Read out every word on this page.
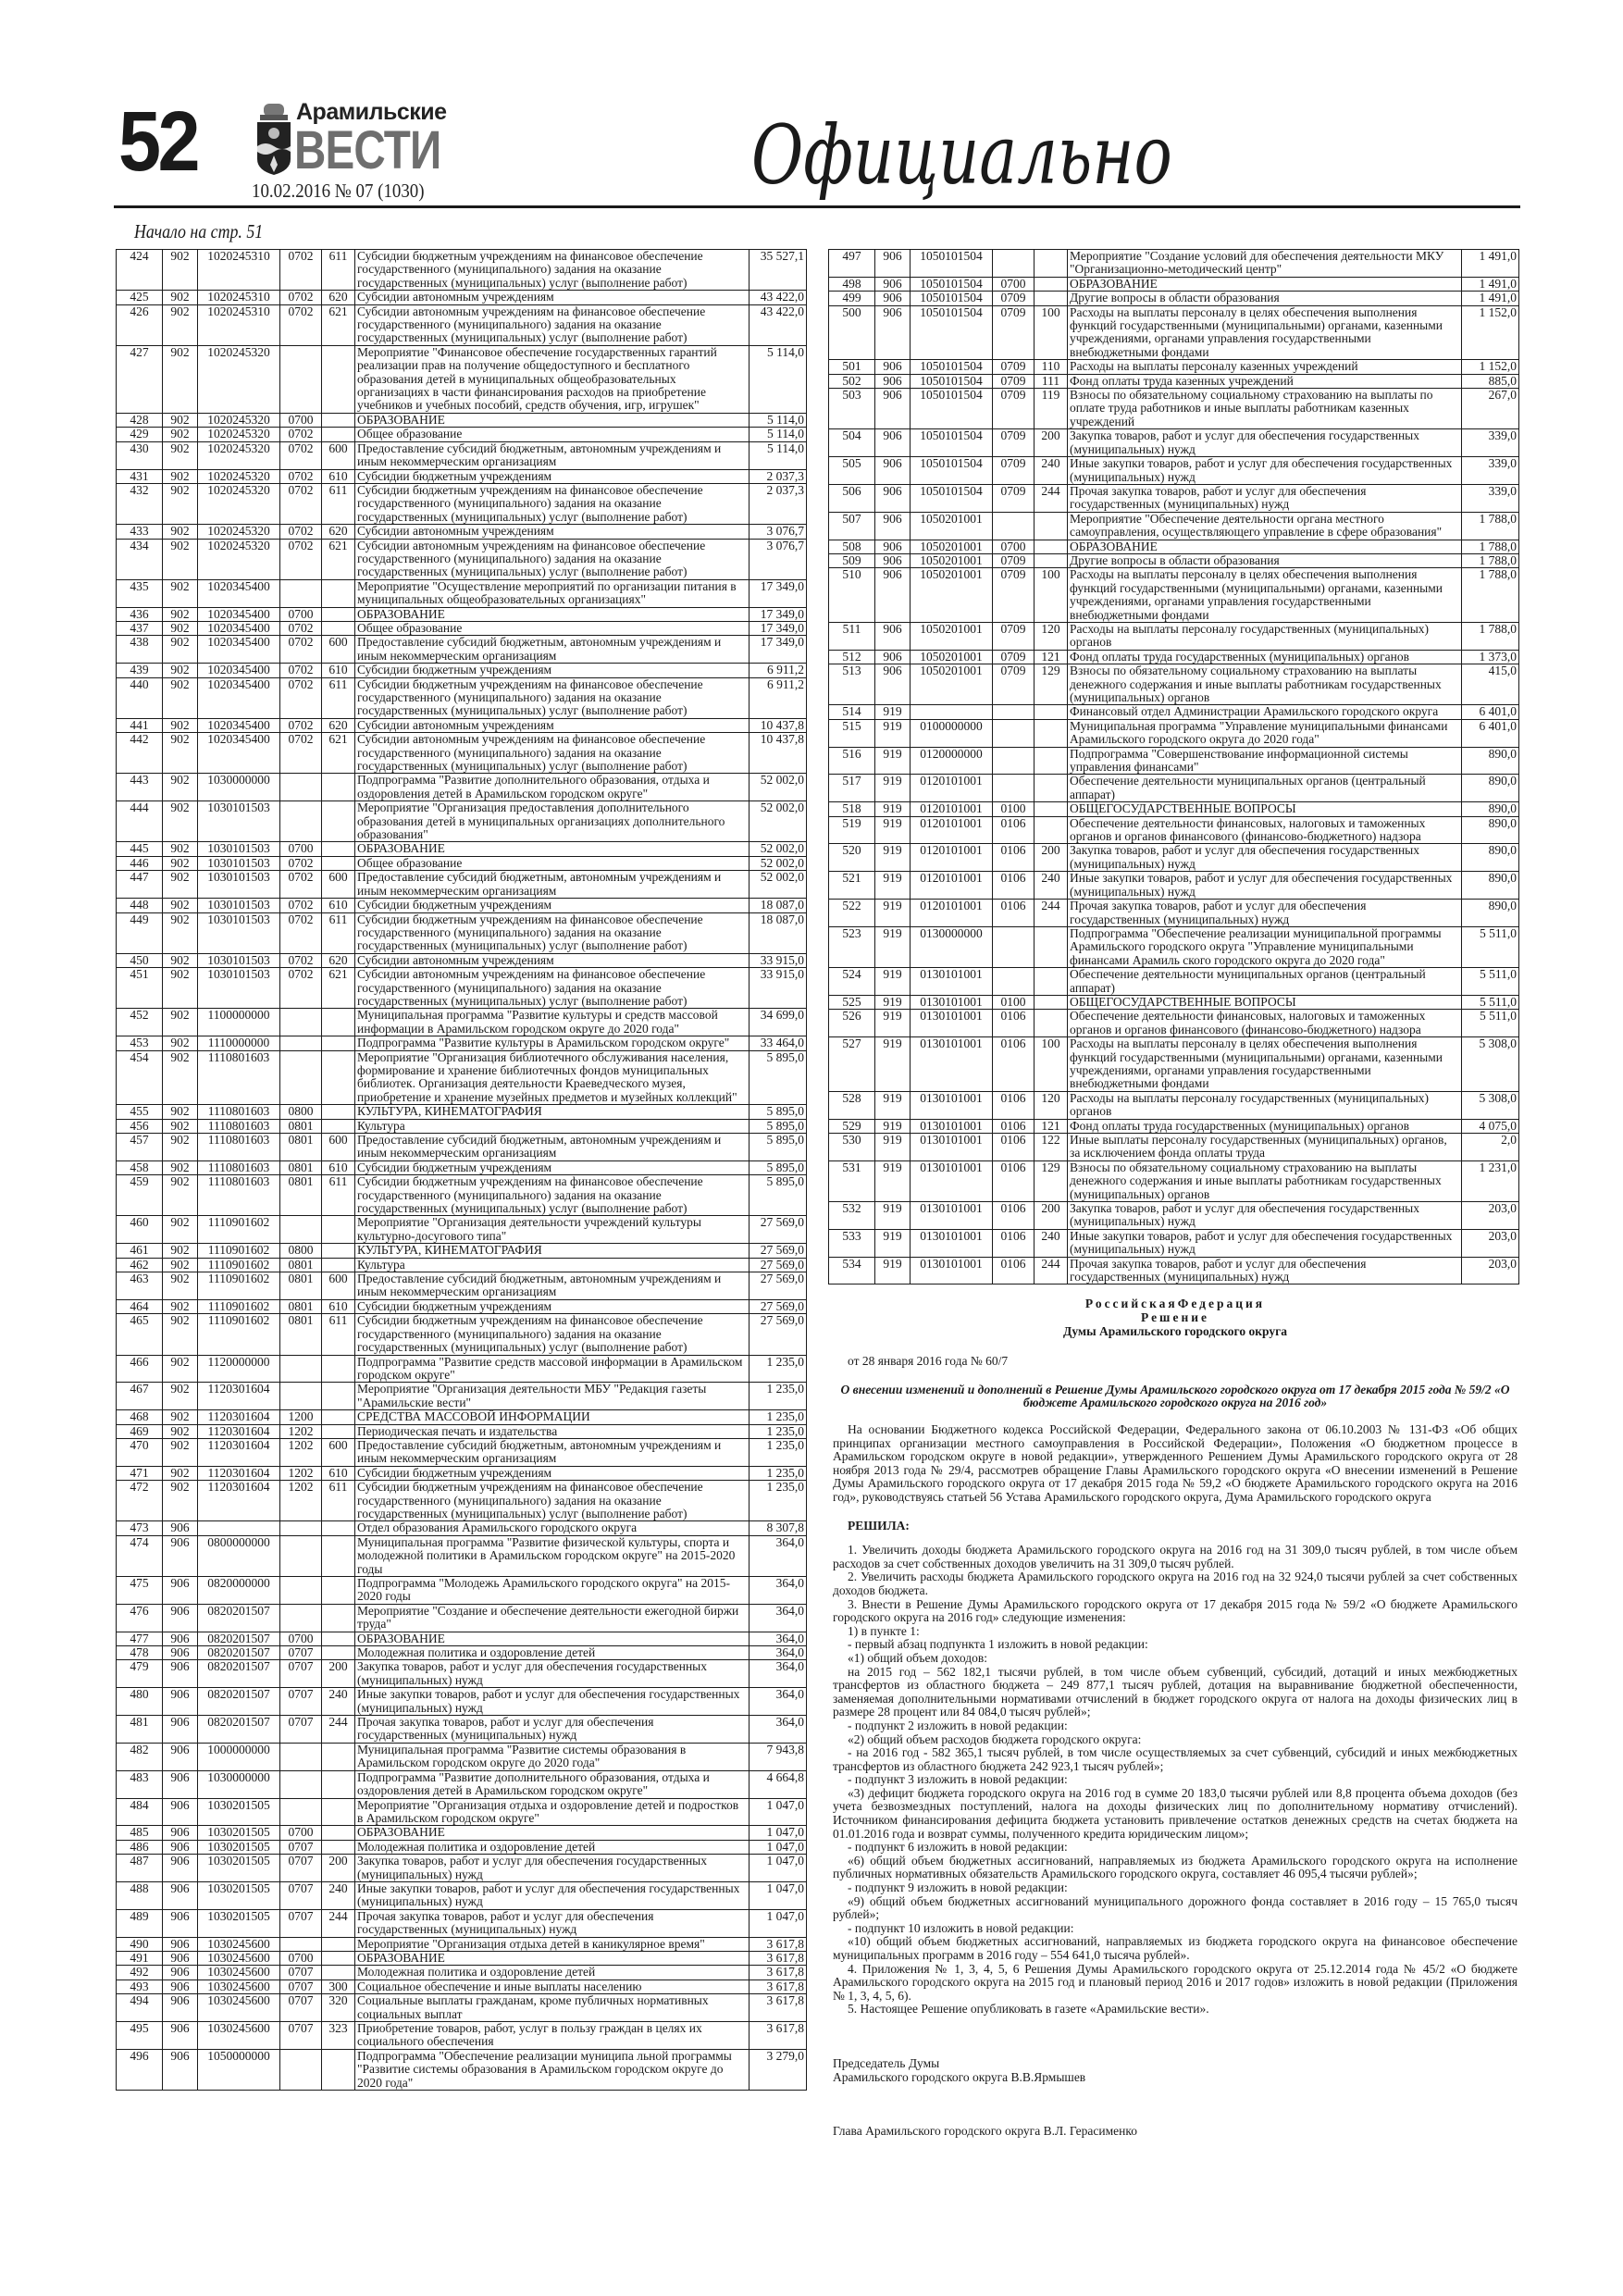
52	Арамильские
ВЕСТИ
10.02.2016 № 07 (1030)	Официально
Начало на стр. 51
424	902	1020245310	0702	611	Субсидии бюджетным учреждениям на финансовое обеспечение государственного (муниципального) задания на оказание государственных (муниципальных) услуг (выполнение работ)	35 527,1
425	902	1020245310	0702	620	Субсидии автономным учреждениям	43 422,0
426	902	1020245310	0702	621	Субсидии автономным учреждениям на финансовое обеспечение государственного (муниципального) задания на оказание государственных (муниципальных) услуг (выполнение работ)	43 422,0
427	902	1020245320			Мероприятие "Финансовое обеспечение государственных гарантий реализации прав на получение общедоступного и бесплатного образования детей в муниципальных общеобразовательных организациях в части финансирования расходов на приобретение учебников и учебных пособий, средств обучения, игр, игрушек"	5 114,0
428	902	1020245320	0700		ОБРАЗОВАНИЕ	5 114,0
429	902	1020245320	0702		Общее образование	5 114,0
430	902	1020245320	0702	600	Предоставление субсидий бюджетным, автономным учреждениям и иным некоммерческим организациям	5 114,0
431	902	1020245320	0702	610	Субсидии бюджетным учреждениям	2 037,3
432	902	1020245320	0702	611	Субсидии бюджетным учреждениям на финансовое обеспечение государственного (муниципального) задания на оказание государственных (муниципальных) услуг (выполнение работ)	2 037,3
433	902	1020245320	0702	620	Субсидии автономным учреждениям	3 076,7
434	902	1020245320	0702	621	Субсидии автономным учреждениям на финансовое обеспечение государственного (муниципального) задания на оказание государственных (муниципальных) услуг (выполнение работ)	3 076,7
435	902	1020345400			Мероприятие "Осуществление мероприятий по организации питания в муниципальных общеобразовательных организациях"	17 349,0
436	902	1020345400	0700		ОБРАЗОВАНИЕ	17 349,0
437	902	1020345400	0702		Общее образование	17 349,0
438	902	1020345400	0702	600	Предоставление субсидий бюджетным, автономным учреждениям и иным некоммерческим организациям	17 349,0
439	902	1020345400	0702	610	Субсидии бюджетным учреждениям	6 911,2
440	902	1020345400	0702	611	Субсидии бюджетным учреждениям на финансовое обеспечение государственного (муниципального) задания на оказание государственных (муниципальных) услуг (выполнение работ)	6 911,2
441	902	1020345400	0702	620	Субсидии автономным учреждениям	10 437,8
442	902	1020345400	0702	621	Субсидии автономным учреждениям на финансовое обеспечение государственного (муниципального) задания на оказание государственных (муниципальных) услуг (выполнение работ)	10 437,8
443	902	1030000000			Подпрограмма "Развитие дополнительного образования, отдыха и оздоровления детей в Арамильском городском округе"	52 002,0
444	902	1030101503			Мероприятие "Организация предоставления дополнительного образования детей в муниципальных организациях дополнительного образования"	52 002,0
445	902	1030101503	0700		ОБРАЗОВАНИЕ	52 002,0
446	902	1030101503	0702		Общее образование	52 002,0
447	902	1030101503	0702	600	Предоставление субсидий бюджетным, автономным учреждениям и иным некоммерческим организациям	52 002,0
448	902	1030101503	0702	610	Субсидии бюджетным учреждениям	18 087,0
449	902	1030101503	0702	611	Субсидии бюджетным учреждениям на финансовое обеспечение государственного (муниципального) задания на оказание государственных (муниципальных) услуг (выполнение работ)	18 087,0
450	902	1030101503	0702	620	Субсидии автономным учреждениям	33 915,0
451	902	1030101503	0702	621	Субсидии автономным учреждениям на финансовое обеспечение государственного (муниципального) задания на оказание государственных (муниципальных) услуг (выполнение работ)	33 915,0
452	902	1100000000			Муниципальная программа "Развитие культуры и средств массовой информации в Арамильском городском округе до 2020 года"	34 699,0
453	902	1110000000			Подпрограмма "Развитие культуры в Арамильском городском округе"	33 464,0
454	902	1110801603			Мероприятие "Организация библиотечного обслуживания населения, формирование и хранение библиотечных фондов муниципальных библиотек. Организация деятельности Краеведческого музея, приобретение и хранение музейных предметов и музейных коллекций"	5 895,0
455	902	1110801603	0800		КУЛЬТУРА, КИНЕМАТОГРАФИЯ	5 895,0
456	902	1110801603	0801		Культура	5 895,0
457	902	1110801603	0801	600	Предоставление субсидий бюджетным, автономным учреждениям и иным некоммерческим организациям	5 895,0
458	902	1110801603	0801	610	Субсидии бюджетным учреждениям	5 895,0
459	902	1110801603	0801	611	Субсидии бюджетным учреждениям на финансовое обеспечение государственного (муниципального) задания на оказание государственных (муниципальных) услуг (выполнение работ)	5 895,0
460	902	1110901602			Мероприятие "Организация деятельности учреждений культуры культурно-досугового типа"	27 569,0
461	902	1110901602	0800		КУЛЬТУРА, КИНЕМАТОГРАФИЯ	27 569,0
462	902	1110901602	0801		Культура	27 569,0
463	902	1110901602	0801	600	Предоставление субсидий бюджетным, автономным учреждениям и иным некоммерческим организациям	27 569,0
464	902	1110901602	0801	610	Субсидии бюджетным учреждениям	27 569,0
465	902	1110901602	0801	611	Субсидии бюджетным учреждениям на финансовое обеспечение государственного (муниципального) задания на оказание государственных (муниципальных) услуг (выполнение работ)	27 569,0
466	902	1120000000			Подпрограмма "Развитие средств массовой информации в Арамильском городском округе"	1 235,0
467	902	1120301604			Мероприятие "Организация деятельности МБУ "Редакция газеты "Арамильские вести"	1 235,0
468	902	1120301604	1200		СРЕДСТВА МАССОВОЙ ИНФОРМАЦИИ	1 235,0
469	902	1120301604	1202		Периодическая печать и издательства	1 235,0
470	902	1120301604	1202	600	Предоставление субсидий бюджетным, автономным учреждениям и иным некоммерческим организациям	1 235,0
471	902	1120301604	1202	610	Субсидии бюджетным учреждениям	1 235,0
472	902	1120301604	1202	611	Субсидии бюджетным учреждениям на финансовое обеспечение государственного (муниципального) задания на оказание государственных (муниципальных) услуг (выполнение работ)	1 235,0
473	906				Отдел образования Арамильского городского округа	8 307,8
474	906	0800000000			Муниципальная программа "Развитие физической культуры, спорта и молодежной политики в Арамильском городском округе" на 2015-2020 годы	364,0
475	906	0820000000			Подпрограмма "Молодежь Арамильского городского округа" на 2015-2020 годы	364,0
476	906	0820201507			Мероприятие "Создание и обеспечение деятельности ежегодной биржи труда"	364,0
477	906	0820201507	0700		ОБРАЗОВАНИЕ	364,0
478	906	0820201507	0707		Молодежная политика и оздоровление детей	364,0
479	906	0820201507	0707	200	Закупка товаров, работ и услуг для обеспечения государственных (муниципальных) нужд	364,0
480	906	0820201507	0707	240	Иные закупки товаров, работ и услуг для обеспечения государственных (муниципальных) нужд	364,0
481	906	0820201507	0707	244	Прочая закупка товаров, работ и услуг для обеспечения государственных (муниципальных) нужд	364,0
482	906	1000000000			Муниципальная программа "Развитие системы образования в Арамильском городском округе до 2020 года"	7 943,8
483	906	1030000000			Подпрограмма "Развитие дополнительного образования, отдыха и оздоровления детей в Арамильском городском округе"	4 664,8
484	906	1030201505			Мероприятие "Организация отдыха и оздоровление детей и подростков в Арамильском городском округе"	1 047,0
485	906	1030201505	0700		ОБРАЗОВАНИЕ	1 047,0
486	906	1030201505	0707		Молодежная политика и оздоровление детей	1 047,0
487	906	1030201505	0707	200	Закупка товаров, работ и услуг для обеспечения государственных (муниципальных) нужд	1 047,0
488	906	1030201505	0707	240	Иные закупки товаров, работ и услуг для обеспечения государственных (муниципальных) нужд	1 047,0
489	906	1030201505	0707	244	Прочая закупка товаров, работ и услуг для обеспечения государственных (муниципальных) нужд	1 047,0
490	906	1030245600			Мероприятие "Организация отдыха детей в каникулярное время"	3 617,8
491	906	1030245600	0700		ОБРАЗОВАНИЕ	3 617,8
492	906	1030245600	0707		Молодежная политика и оздоровление детей	3 617,8
493	906	1030245600	0707	300	Социальное обеспечение и иные выплаты населению	3 617,8
494	906	1030245600	0707	320	Социальные выплаты гражданам, кроме публичных нормативных социальных выплат	3 617,8
495	906	1030245600	0707	323	Приобретение товаров, работ, услуг в пользу граждан в целях их социального обеспечения	3 617,8
496	906	1050000000			Подпрограмма "Обеспечение реализации муниципа льной программы "Развитие системы образования в Арамильском городском округе до 2020 года"	3 279,0
497	906	1050101504			Мероприятие "Создание условий для обеспечения деятельности МКУ "Организационно-методический центр"	1 491,0
498	906	1050101504	0700		ОБРАЗОВАНИЕ	1 491,0
499	906	1050101504	0709		Другие вопросы в области образования	1 491,0
500	906	1050101504	0709	100	Расходы на выплаты персоналу в целях обеспечения выполнения функций государственными (муниципальными) органами, казенными учреждениями, органами управления государственными внебюджетными фондами	1 152,0
501	906	1050101504	0709	110	Расходы на выплаты персоналу казенных учреждений	1 152,0
502	906	1050101504	0709	111	Фонд оплаты труда казенных учреждений	885,0
503	906	1050101504	0709	119	Взносы по обязательному социальному страхованию на выплаты по оплате труда работников и иные выплаты работникам казенных учреждений	267,0
504	906	1050101504	0709	200	Закупка товаров, работ и услуг для обеспечения государственных (муниципальных) нужд	339,0
505	906	1050101504	0709	240	Иные закупки товаров, работ и услуг для обеспечения государственных (муниципальных) нужд	339,0
506	906	1050101504	0709	244	Прочая закупка товаров, работ и услуг для обеспечения государственных (муниципальных) нужд	339,0
507	906	1050201001			Мероприятие "Обеспечение деятельности органа местного самоуправления, осуществляющего управление в сфере образования"	1 788,0
508	906	1050201001	0700		ОБРАЗОВАНИЕ	1 788,0
509	906	1050201001	0709		Другие вопросы в области образования	1 788,0
510	906	1050201001	0709	100	Расходы на выплаты персоналу в целях обеспечения выполнения функций государственными (муниципальными) органами, казенными учреждениями, органами управления государственными внебюджетными фондами	1 788,0
511	906	1050201001	0709	120	Расходы на выплаты персоналу государственных (муниципальных) органов	1 788,0
512	906	1050201001	0709	121	Фонд оплаты труда государственных (муниципальных) органов	1 373,0
513	906	1050201001	0709	129	Взносы по обязательному социальному страхованию на выплаты денежного содержания и иные выплаты работникам государственных (муниципальных) органов	415,0
514	919				Финансовый отдел Администрации Арамильского городского округа	6 401,0
515	919	0100000000			Муниципальная программа "Управление муниципальными финансами Арамильского городского округа до 2020 года"	6 401,0
516	919	0120000000			Подпрограмма "Совершенствование информационной системы управления финансами"	890,0
517	919	0120101001			Обеспечение деятельности муниципальных органов (центральный аппарат)	890,0
518	919	0120101001	0100		ОБЩЕГОСУДАРСТВЕННЫЕ ВОПРОСЫ	890,0
519	919	0120101001	0106		Обеспечение деятельности финансовых, налоговых и таможенных органов и органов финансового (финансово-бюджетного) надзора	890,0
520	919	0120101001	0106	200	Закупка товаров, работ и услуг для обеспечения государственных (муниципальных) нужд	890,0
521	919	0120101001	0106	240	Иные закупки товаров, работ и услуг для обеспечения государственных (муниципальных) нужд	890,0
522	919	0120101001	0106	244	Прочая закупка товаров, работ и услуг для обеспечения государственных (муниципальных) нужд	890,0
523	919	0130000000			Подпрограмма "Обеспечение реализации муниципальной программы Арамильского городского округа "Управление муниципальными финансами Арамиль ского городского округа до 2020 года"	5 511,0
524	919	0130101001			Обеспечение деятельности муниципальных органов (центральный аппарат)	5 511,0
525	919	0130101001	0100		ОБЩЕГОСУДАРСТВЕННЫЕ ВОПРОСЫ	5 511,0
526	919	0130101001	0106		Обеспечение деятельности финансовых, налоговых и таможенных органов и органов финансового (финансово-бюджетного) надзора	5 511,0
527	919	0130101001	0106	100	Расходы на выплаты персоналу в целях обеспечения выполнения функций государственными (муниципальными) органами, казенными учреждениями, органами управления государственными внебюджетными фондами	5 308,0
528	919	0130101001	0106	120	Расходы на выплаты персоналу государственных (муниципальных) органов	5 308,0
529	919	0130101001	0106	121	Фонд оплаты труда государственных (муниципальных) органов	4 075,0
530	919	0130101001	0106	122	Иные выплаты персоналу государственных (муниципальных) органов, за исключением фонда оплаты труда	2,0
531	919	0130101001	0106	129	Взносы по обязательному социальному страхованию на выплаты денежного содержания и иные выплаты работникам государственных (муниципальных) органов	1 231,0
532	919	0130101001	0106	200	Закупка товаров, работ и услуг для обеспечения государственных (муниципальных) нужд	203,0
533	919	0130101001	0106	240	Иные закупки товаров, работ и услуг для обеспечения государственных (муниципальных) нужд	203,0
534	919	0130101001	0106	244	Прочая закупка товаров, работ и услуг для обеспечения государственных (муниципальных) нужд	203,0
РоссийскаяФедерация
Решение
Думы Арамильского городского округа

от 28 января 2016 года № 60/7

О внесении изменений и дополнений в Решение Думы Арамильского городского округа от 17 декабря 2015 года № 59/2 «О бюджете Арамильского городского округа на 2016 год»

На основании Бюджетного кодекса Российской Федерации, Федерального закона от 06.10.2003 № 131-ФЗ «Об общих принципах организации местного самоуправления в Российской Федерации», Положения «О бюджетном процессе в Арамильском городском округе в новой редакции», утвержденного Решением Думы Арамильского городского округа от 28 ноября 2013 года № 29/4, рассмотрев обращение Главы Арамильского городского округа «О внесении изменений в Решение Думы Арамильского городского округа от 17 декабря 2015 года № 59,2 «О бюджете Арамильского городского округа на 2016 год», руководствуясь статьей 56 Устава Арамильского городского округа, Дума Арамильского городского округа

РЕШИЛА:

1. Увеличить доходы бюджета Арамильского городского округа на 2016 год на 31 309,0 тысяч рублей, в том числе объем расходов за счет собственных доходов увеличить на 31 309,0 тысяч рублей.

2. Увеличить расходы бюджета Арамильского городского округа на 2016 год на 32 924,0 тысячи рублей за счет собственных доходов бюджета.

3. Внести в Решение Думы Арамильского городского округа от 17 декабря 2015 года № 59/2 «О бюджете Арамильского городского округа на 2016 год» следующие изменения:

1) в пункте 1:

- первый абзац подпункта 1 изложить в новой редакции:

«1) общий объем доходов:

на 2015 год – 562 182,1 тысячи рублей, в том числе объем субвенций, субсидий, дотаций и иных межбюджетных трансфертов из областного бюджета – 249 877,1 тысяч рублей, дотация на выравнивание бюджетной обеспеченности, заменяемая дополнительными нормативами отчислений в бюджет городского округа от налога на доходы физических лиц в размере 28 процент или 84 084,0 тысяч рублей»;

- подпункт 2 изложить в новой редакции:

«2) общий объем расходов бюджета городского округа:

- на 2016 год - 582 365,1 тысяч рублей, в том числе осуществляемых за счет субвенций, субсидий и иных межбюджетных трансфертов из областного бюджета 242 923,1 тысяч рублей»;

- подпункт 3 изложить в новой редакции:

«3) дефицит бюджета городского округа на 2016 год в сумме 20 183,0 тысячи рублей или 8,8 процента объема доходов (без учета безвозмездных поступлений, налога на доходы физических лиц по дополнительному нормативу отчислений). Источником финансирования дефицита бюджета установить привлечение остатков денежных средств на счетах бюджета на 01.01.2016 года и возврат суммы, полученного кредита юридическим лицом»;

- подпункт 6 изложить в новой редакции:

«6) общий объем бюджетных ассигнований, направляемых из бюджета Арамильского городского округа на исполнение публичных нормативных обязательств Арамильского городского округа, составляет 46 095,4 тысячи рублей»;

- подпункт 9 изложить в новой редакции:

«9) общий объем бюджетных ассигнований муниципального дорожного фонда составляет в 2016 году – 15 765,0 тысяч рублей»;

- подпункт 10 изложить в новой редакции:

«10) общий объем бюджетных ассигнований, направляемых из бюджета городского округа на финансовое обеспечение муниципальных программ в 2016 году – 554 641,0 тысяча рублей».

4. Приложения № 1, 3, 4, 5, 6 Решения Думы Арамильского городского округа от 25.12.2014 года № 45/2 «О бюджете Арамильского городского округа на 2015 год и плановый период 2016 и 2017 годов» изложить в новой редакции (Приложения № 1, 3, 4, 5, 6).

5. Настоящее Решение опубликовать в газете «Арамильские вести».

Председатель Думы

Арамильского городского округа В.В.Ярмышев

Глава Арамильского городского округа В.Л. Герасименко
